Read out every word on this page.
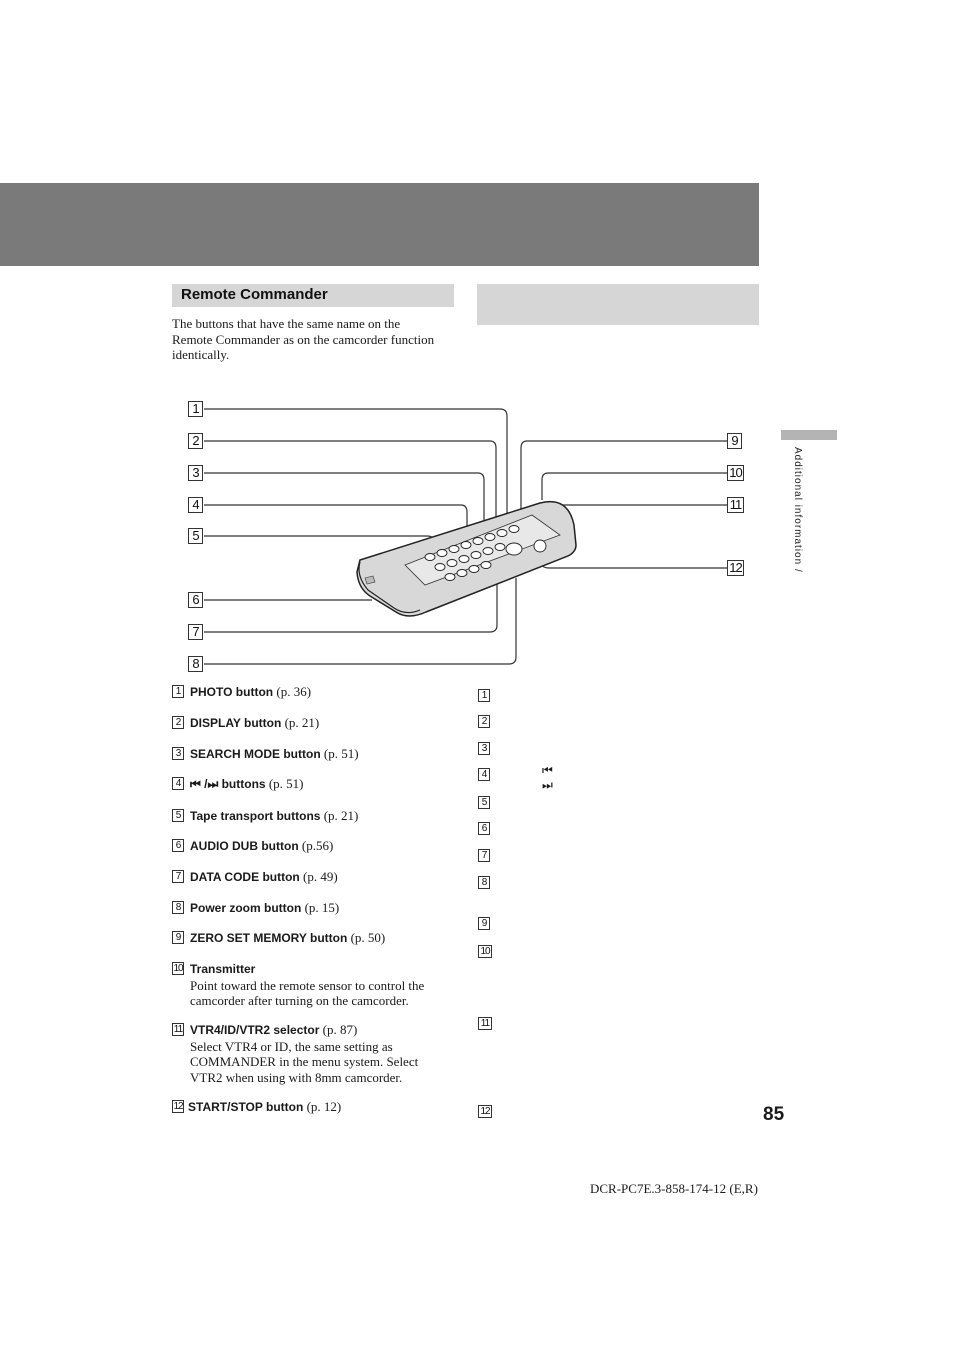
Remote Commander
The buttons that have the same name on the Remote Commander as on the camcorder function identically.
Additional information /
1
2
3
4
5
6
7
8
9
10
11
12
1 PHOTO button (p. 36)
2 DISPLAY button (p. 21)
3 SEARCH MODE button (p. 51)
4 ⏮ /⏭ buttons (p. 51)
5 Tape transport buttons (p. 21)
6 AUDIO DUB button (p.56)
7 DATA CODE button (p. 49)
8 Power zoom button (p. 15)
9 ZERO SET MEMORY button (p. 50)
10 Transmitter
Point toward the remote sensor to control the camcorder after turning on the camcorder.
11 VTR4/ID/VTR2 selector (p. 87)
Select VTR4 or ID, the same setting as COMMANDER in the menu system. Select VTR2 when using with 8mm camcorder.
12 START/STOP button (p. 12)
1
2
3
4	⏮ ⏭
5
6
7
8
9
10
11
12	85
DCR-PC7E.3-858-174-12 (E,R)
